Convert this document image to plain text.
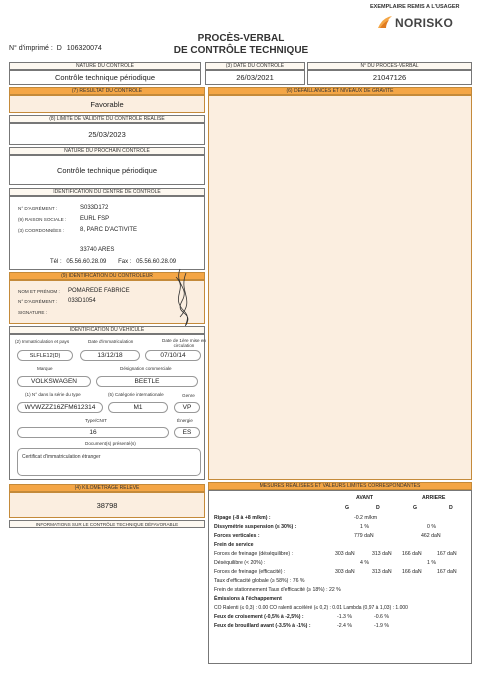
EXEMPLAIRE REMIS A L'USAGER
NORISKO
PROCÈS-VERBAL
DE CONTRÔLE TECHNIQUE
N° d'imprimé : D 106320074
NATURE DU CONTRÔLE
Contrôle technique périodique
(3) DATE DU CONTRÔLE
26/03/2021
N° DU PROCÈS-VERBAL
21047126
(7) RÉSULTAT DU CONTRÔLE
Favorable
(6) DÉFAILLANCES ET NIVEAUX DE GRAVITÉ
(8) LIMITE DE VALIDITÉ DU CONTRÔLE RÉALISÉ
25/03/2023
NATURE DU PROCHAIN CONTRÔLE
Contrôle technique périodique
IDENTIFICATION DU CENTRE DE CONTRÔLE
N° D'AGRÉMENT :	S033D172
(9) RAISON SOCIALE : EURL FSP
(3) COORDONNÉES :	8, PARC D'ACTIVITE
33740 ARES
Tél : 05.56.60.28.09 Fax : 05.56.60.28.09
(9) IDENTIFICATION DU CONTRÔLEUR
NOM ET PRÉNOM : POMAREDE FABRICE
N° D'AGRÉMENT : 033D1054
SIGNATURE :
IDENTIFICATION DU VÉHICULE
(2) Immatriculation et pays	Date d'immatriculation	Date de 1ère mise en circulation
SLFLE12(D)	13/12/18	07/10/14
Marque	Désignation commerciale
VOLKSWAGEN	BEETLE
(1) N° dans la série du type	(5) Catégorie internationale	Genre
WVWZZZ16ZFM612314	M1	VP
Type/CNIT	Énergie
16	ES
Document(s) présenté(s)
Certificat d'immatriculation étranger
(4) KILOMÉTRAGE RELEVÉ
38798
INFORMATIONS SUR LE CONTRÔLE TECHNIQUE DÉFAVORABLE
MESURES RÉALISÉES ET VALEURS LIMITES CORRESPONDANTES
AVANT	ARRIERE
G	D	G	D
Ripage (-8 à +8 m/km) :	-0.2 m/km
Dissymétrie suspension (≤ 30%) :	1 %	0 %
Forces verticales :	779 daN	462 daN
Frein de service
Forces de freinage (déséquilibre) :	303 daN	313 daN 166 daN	167 daN
Déséquilibre (< 20%) :	4 %	1 %
Forces de freinage (efficacité) :	303 daN	313 daN 166 daN	167 daN
Taux d'efficacité globale (≥ 58%) : 76 %
Frein de stationnement Taux d'efficacité (≥ 18%) : 22 %
Émissions à l'échappement
CO Ralenti (≤ 0,3) : 0.00 CO ralenti accéléré (≤ 0,2) : 0.01 Lambda (0,97 à 1,03) : 1.000
Feux de croisement (-0,5% à -2,5%) :	-1.3 %	-0.6 %
Feux de brouillard avant (-3.5% à -1%) :	-2.4 %	-1.9 %
